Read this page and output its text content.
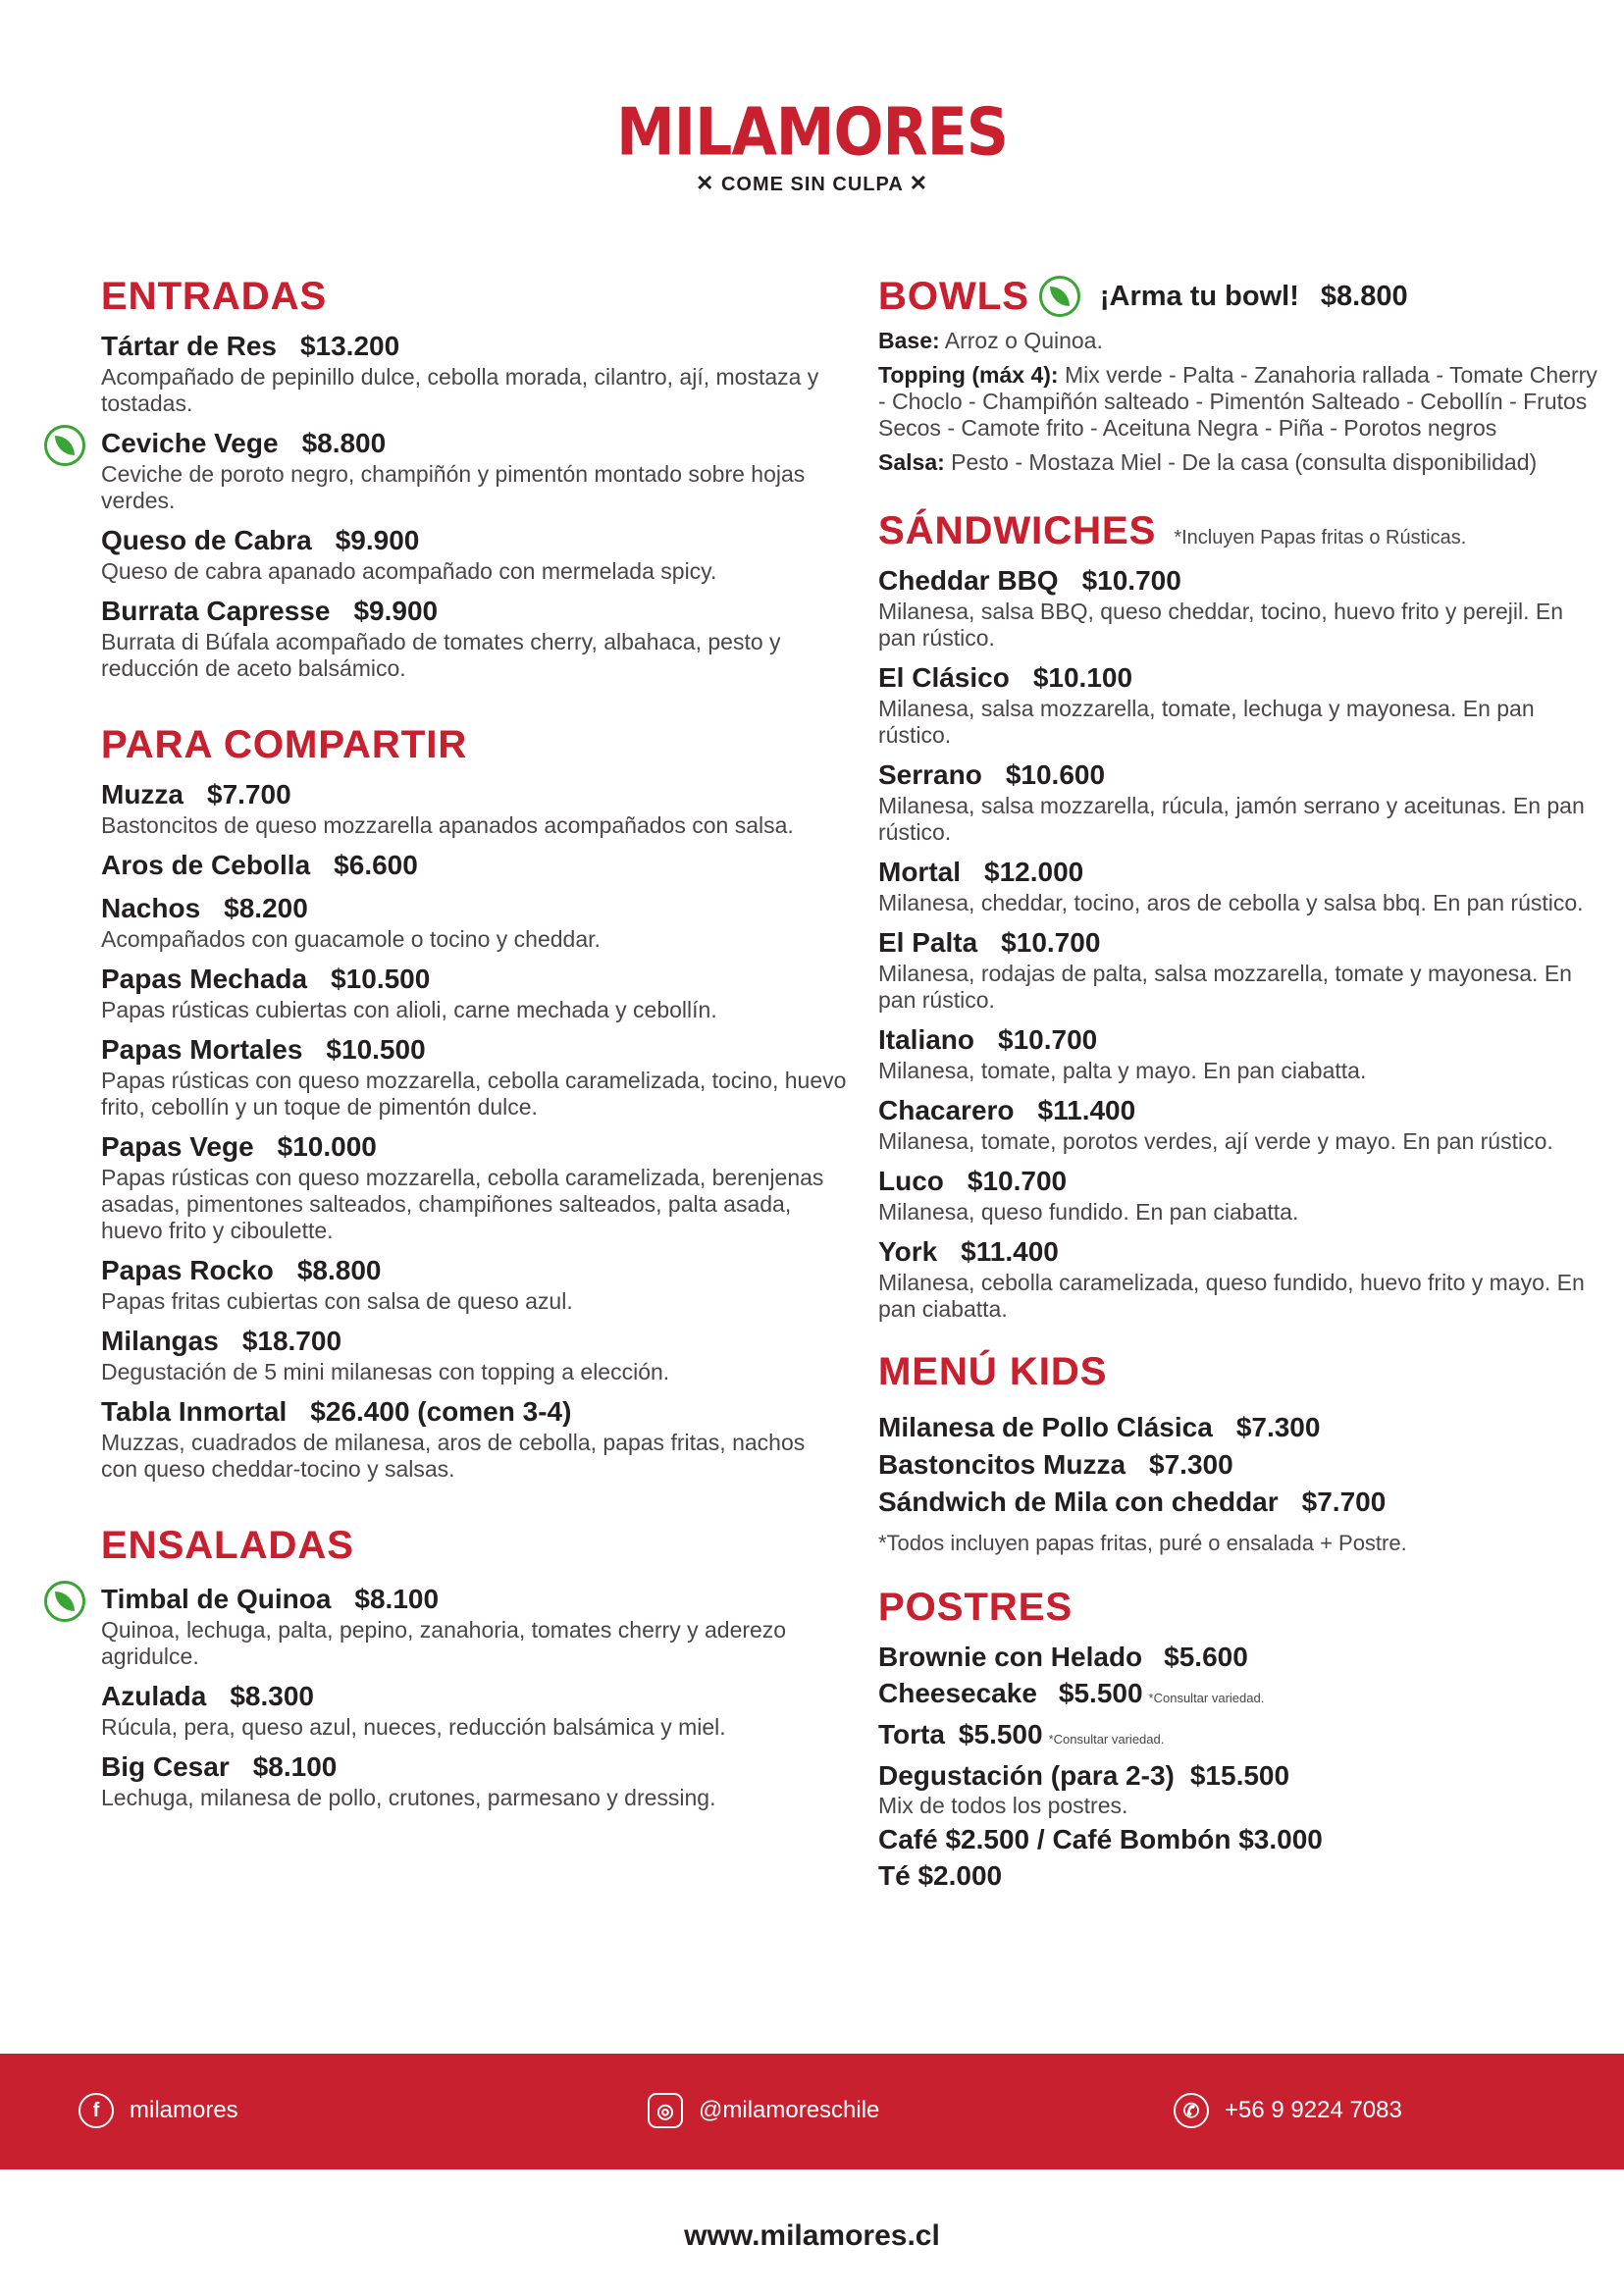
MILAMORES
✕ COME SIN CULPA ✕
ENTRADAS
Tártar de Res $13.200
Acompañado de pepinillo dulce, cebolla morada, cilantro, ají, mostaza y tostadas.
Ceviche Vege $8.800
Ceviche de poroto negro, champiñón y pimentón montado sobre hojas verdes.
Queso de Cabra $9.900
Queso de cabra apanado acompañado con mermelada spicy.
Burrata Capresse $9.900
Burrata di Búfala acompañado de tomates cherry, albahaca, pesto y reducción de aceto balsámico.
PARA COMPARTIR
Muzza $7.700
Bastoncitos de queso mozzarella apanados acompañados con salsa.
Aros de Cebolla $6.600
Nachos $8.200
Acompañados con guacamole o tocino y cheddar.
Papas Mechada $10.500
Papas rústicas cubiertas con alioli, carne mechada y cebollín.
Papas Mortales $10.500
Papas rústicas con queso mozzarella, cebolla caramelizada, tocino, huevo frito, cebollín y un toque de pimentón dulce.
Papas Vege $10.000
Papas rústicas con queso mozzarella, cebolla caramelizada, berenjenas asadas, pimentones salteados, champiñones salteados, palta asada, huevo frito y ciboulette.
Papas Rocko $8.800
Papas fritas cubiertas con salsa de queso azul.
Milangas $18.700
Degustación de 5 mini milanesas con topping a elección.
Tabla Inmortal $26.400 (comen 3-4)
Muzzas, cuadrados de milanesa, aros de cebolla, papas fritas, nachos con queso cheddar-tocino y salsas.
ENSALADAS
Timbal de Quinoa $8.100
Quinoa, lechuga, palta, pepino, zanahoria, tomates cherry y aderezo agridulce.
Azulada $8.300
Rúcula, pera, queso azul, nueces, reducción balsámica y miel.
Big Cesar $8.100
Lechuga, milanesa de pollo, crutones, parmesano y dressing.
BOWLS ¡Arma tu bowl! $8.800
Base: Arroz o Quinoa.
Topping (máx 4): Mix verde - Palta - Zanahoria rallada - Tomate Cherry - Choclo - Champiñón salteado - Pimentón Salteado - Cebollín - Frutos Secos - Camote frito - Aceituna Negra - Piña - Porotos negros
Salsa: Pesto - Mostaza Miel - De la casa (consulta disponibilidad)
SÁNDWICHES *Incluyen Papas fritas o Rústicas.
Cheddar BBQ $10.700
Milanesa, salsa BBQ, queso cheddar, tocino, huevo frito y perejil. En pan rústico.
El Clásico $10.100
Milanesa, salsa mozzarella, tomate, lechuga y mayonesa. En pan rústico.
Serrano $10.600
Milanesa, salsa mozzarella, rúcula, jamón serrano y aceitunas. En pan rústico.
Mortal $12.000
Milanesa, cheddar, tocino, aros de cebolla y salsa bbq. En pan rústico.
El Palta $10.700
Milanesa, rodajas de palta, salsa mozzarella, tomate y mayonesa. En pan rústico.
Italiano $10.700
Milanesa, tomate, palta y mayo. En pan ciabatta.
Chacarero $11.400
Milanesa, tomate, porotos verdes, ají verde y mayo. En pan rústico.
Luco $10.700
Milanesa, queso fundido. En pan ciabatta.
York $11.400
Milanesa, cebolla caramelizada, queso fundido, huevo frito y mayo. En pan ciabatta.
MENÚ KIDS
Milanesa de Pollo Clásica $7.300
Bastoncitos Muzza $7.300
Sándwich de Mila con cheddar $7.700
*Todos incluyen papas fritas, puré o ensalada + Postre.
POSTRES
Brownie con Helado $5.600
Cheesecake $5.500 *Consultar variedad.
Torta $5.500 *Consultar variedad.
Degustación (para 2-3) $15.500
Mix de todos los postres.
Café $2.500 / Café Bombón $3.000
Té $2.000
f	milamores	◎	@milamoreschile	✆	+56 9 9224 7083
www.milamores.cl
